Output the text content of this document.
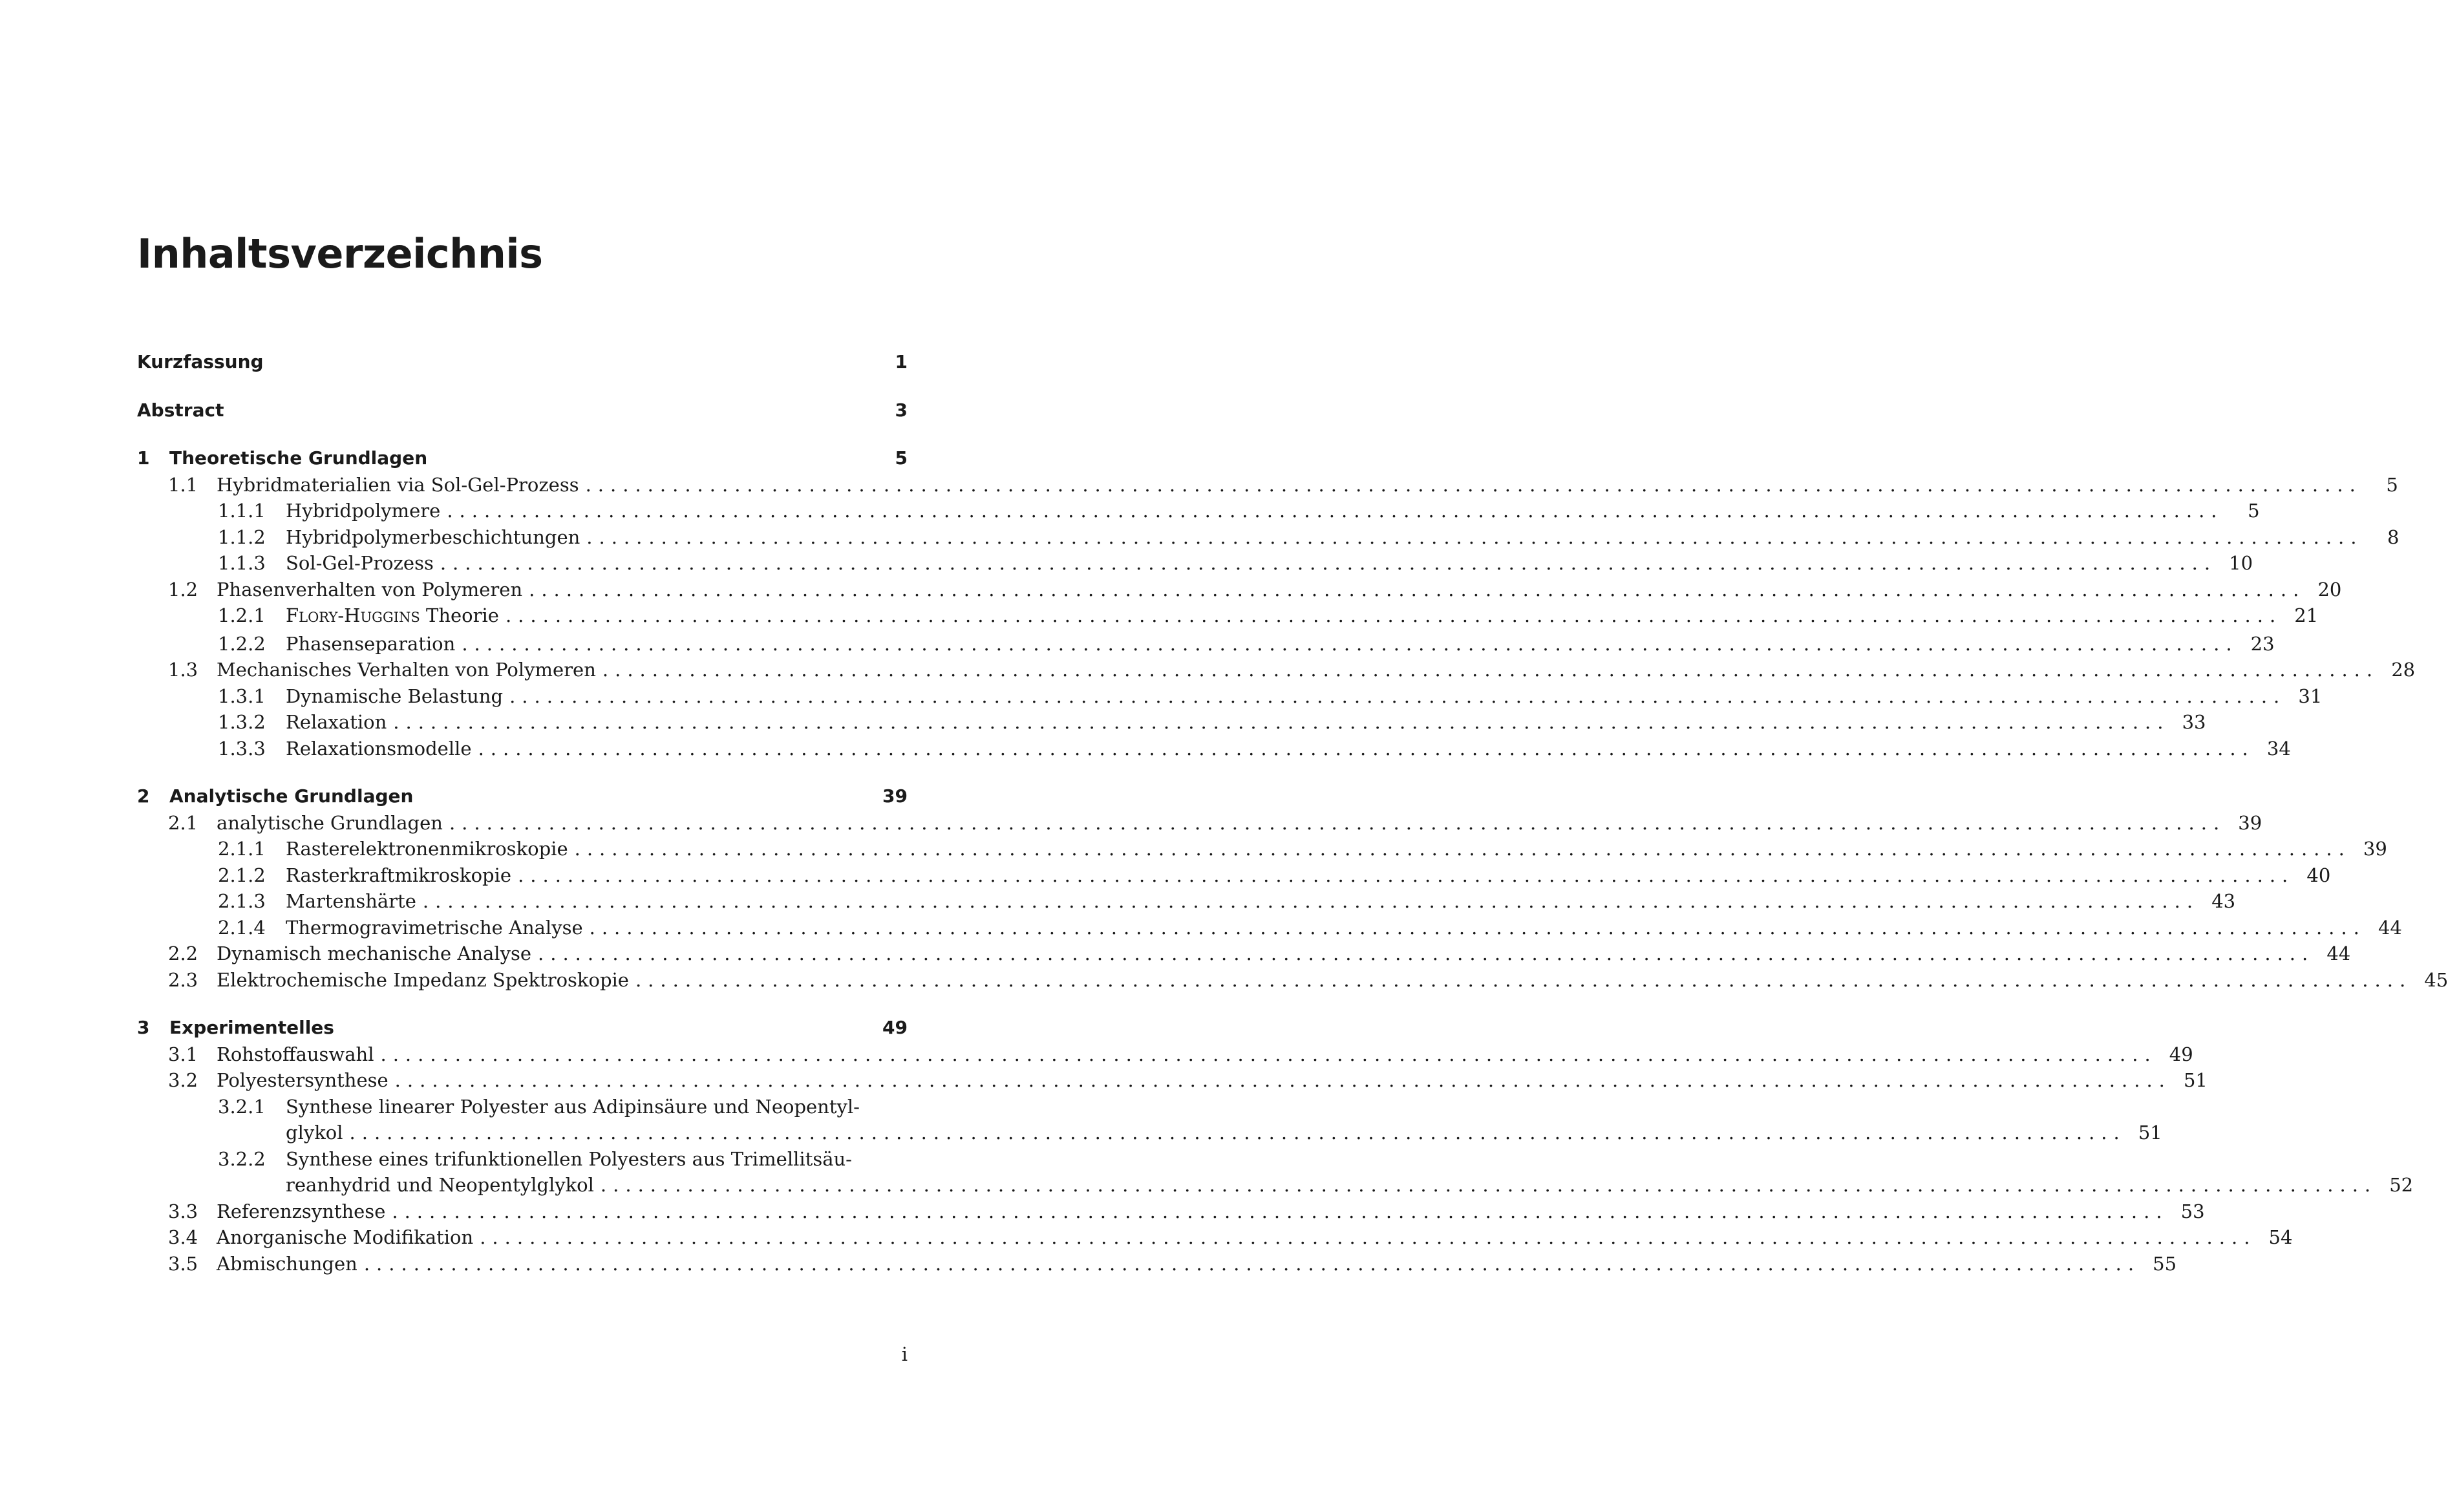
Inhaltsverzeichnis
Kurzfassung	1
Abstract	3
1	Theoretische Grundlagen	5
1.1 Hybridmaterialien via Sol-Gel-Prozess .....	5
1.1.1	Hybridpolymere .....	5
1.1.2	Hybridpolymerbeschichtungen .....	8
1.1.3	Sol-Gel-Prozess .....	10
1.2 Phasenverhalten von Polymeren .....	20
1.2.1	FLORY-HUGGINS Theorie .....	21
1.2.2	Phasenseparation .....	23
1.3 Mechanisches Verhalten von Polymeren .....	28
1.3.1	Dynamische Belastung .....	31
1.3.2	Relaxation .....	33
1.3.3	Relaxationsmodelle .....	34
2	Analytische Grundlagen	39
2.1 analytische Grundlagen .....	39
2.1.1	Rasterelektronenmikroskopie .....	39
2.1.2	Rasterkraftmikroskopie .....	40
2.1.3	Martenshärte .....	43
2.1.4	Thermogravimetrische Analyse .....	44
2.2 Dynamisch mechanische Analyse .....	44
2.3 Elektrochemische Impedanz Spektroskopie .....	45
3	Experimentelles	49
3.1 Rohstoffauswahl .....	49
3.2 Polyestersynthese .....	51
3.2.1	Synthese linearer Polyester aus Adipinsäure und Neopentyl-
glykol .....	51
3.2.2	Synthese eines trifunktionellen Polyesters aus Trimellitsäu-
reanhydrid und Neopentylglykol .....	52
3.3 Referenzsynthese .....	53
3.4 Anorganische Modifikation .....	54
3.5 Abmischungen .....	55
i
